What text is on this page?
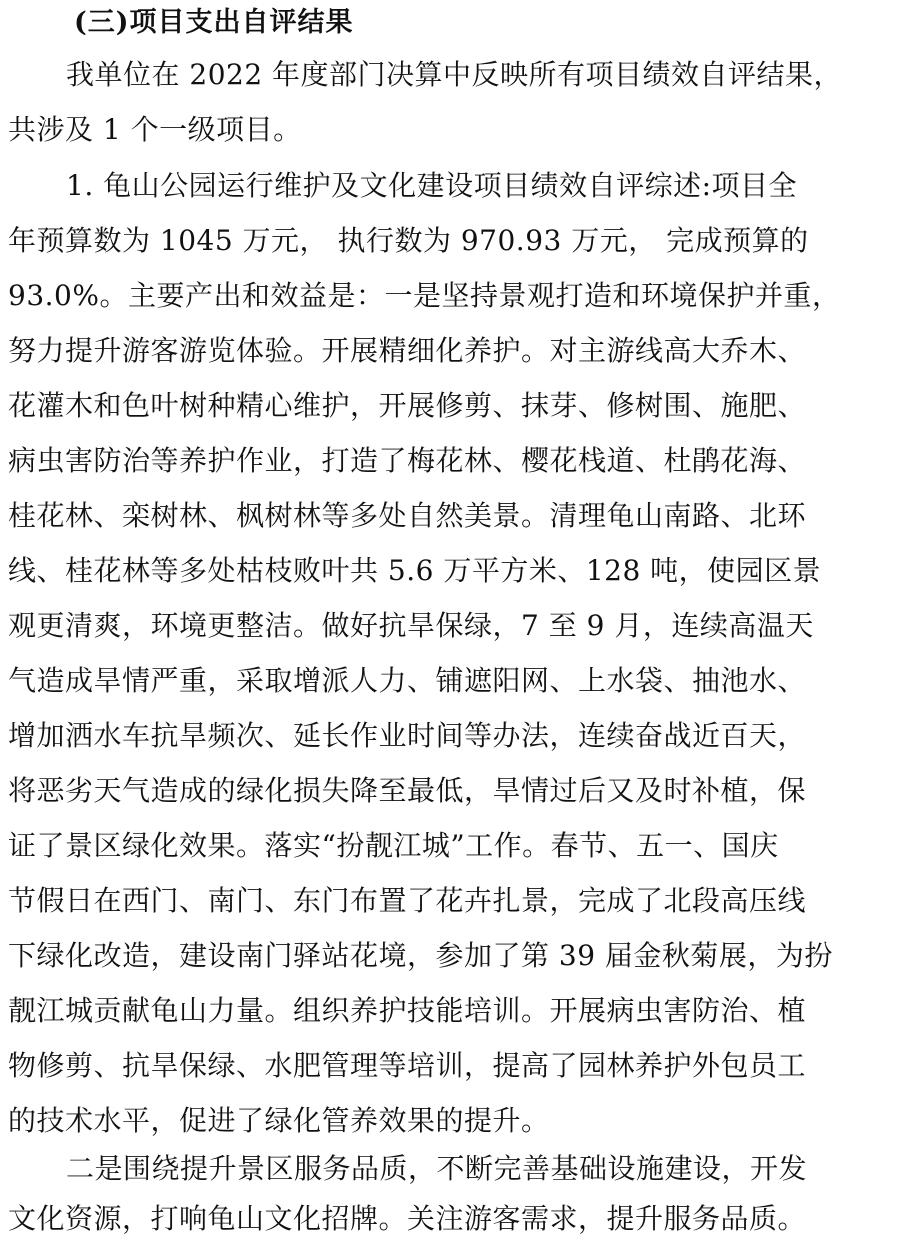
(三)项目支出自评结果
我单位在 2022 年度部门决算中反映所有项目绩效自评结果，
共涉及 1 个一级项目。
1. 龟山公园运行维护及文化建设项目绩效自评综述:项目全
年预算数为 1045 万元， 执行数为 970.93 万元， 完成预算的
93.0%。主要产出和效益是：一是坚持景观打造和环境保护并重，
努力提升游客游览体验。开展精细化养护。对主游线高大乔木、
花灌木和色叶树种精心维护，开展修剪、抹芽、修树围、施肥、
病虫害防治等养护作业，打造了梅花林、樱花栈道、杜鹃花海、
桂花林、栾树林、枫树林等多处自然美景。清理龟山南路、北环
线、桂花林等多处枯枝败叶共 5.6 万平方米、128 吨，使园区景
观更清爽，环境更整洁。做好抗旱保绿，7 至 9 月，连续高温天
气造成旱情严重，采取增派人力、铺遮阳网、上水袋、抽池水、
增加洒水车抗旱频次、延长作业时间等办法，连续奋战近百天，
将恶劣天气造成的绿化损失降至最低，旱情过后又及时补植，保
证了景区绿化效果。落实“扮靓江城”工作。春节、五一、国庆
节假日在西门、南门、东门布置了花卉扎景，完成了北段高压线
下绿化改造，建设南门驿站花境，参加了第 39 届金秋菊展，为扮
靓江城贡献龟山力量。组织养护技能培训。开展病虫害防治、植
物修剪、抗旱保绿、水肥管理等培训，提高了园林养护外包员工
的技术水平，促进了绿化管养效果的提升。
二是围绕提升景区服务品质，不断完善基础设施建设，开发
文化资源，打响龟山文化招牌。关注游客需求，提升服务品质。
